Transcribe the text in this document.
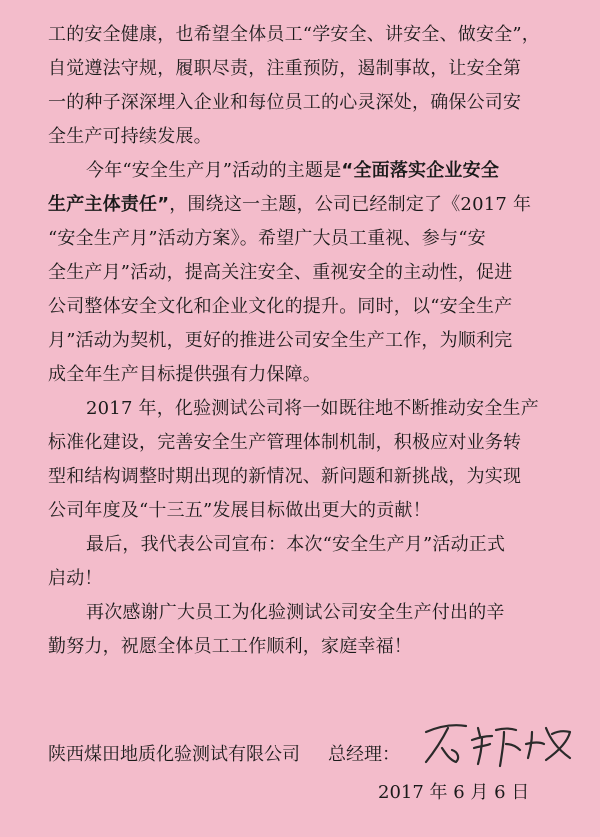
工的安全健康，也希望全体员工“学安全、讲安全、做安全”，
自觉遵法守规，履职尽责，注重预防，遏制事故，让安全第
一的种子深深埋入企业和每位员工的心灵深处，确保公司安
全生产可持续发展。
今年“安全生产月”活动的主题是“全面落实企业安全
生产主体责任”，围绕这一主题，公司已经制定了《2017 年
“安全生产月”活动方案》。希望广大员工重视、参与“安
全生产月”活动，提高关注安全、重视安全的主动性，促进
公司整体安全文化和企业文化的提升。同时，以“安全生产
月”活动为契机，更好的推进公司安全生产工作，为顺利完
成全年生产目标提供强有力保障。
2017 年，化验测试公司将一如既往地不断推动安全生产
标准化建设，完善安全生产管理体制机制，积极应对业务转
型和结构调整时期出现的新情况、新问题和新挑战，为实现
公司年度及“十三五”发展目标做出更大的贡献！
最后，我代表公司宣布：本次“安全生产月”活动正式
启动！
再次感谢广大员工为化验测试公司安全生产付出的辛
勤努力，祝愿全体员工工作顺利，家庭幸福！
陕西煤田地质化验测试有限公司 总经理：
2017 年 6 月 6 日
